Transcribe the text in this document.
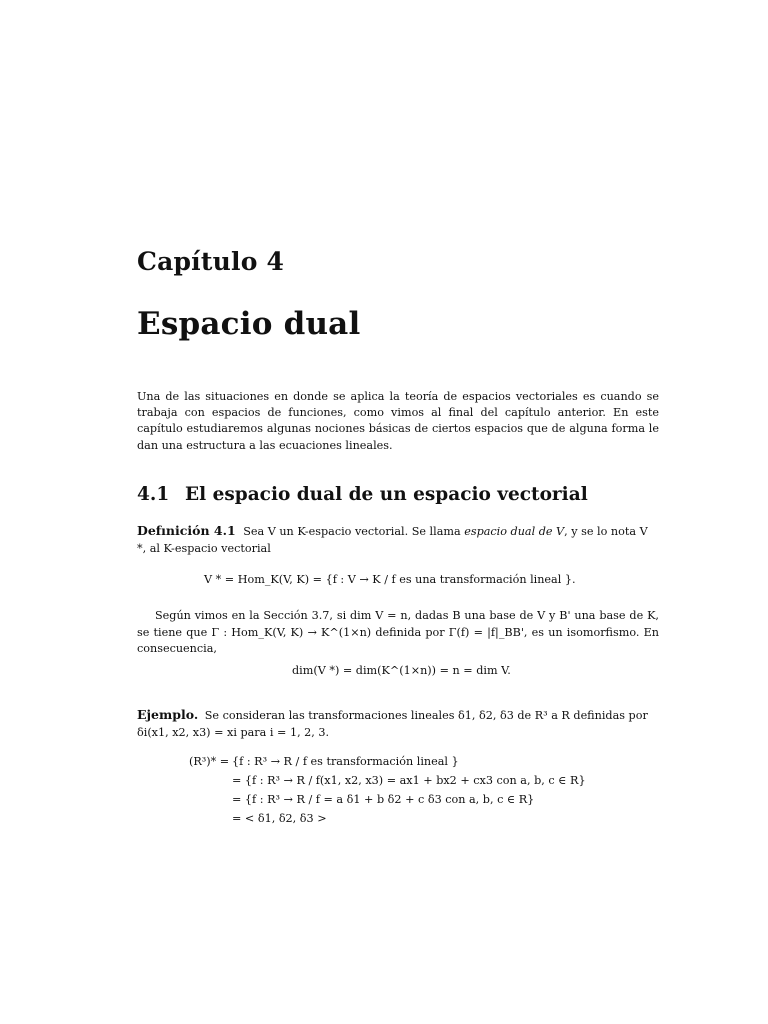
Capítulo 4
Espacio dual
Una de las situaciones en donde se aplica la teoría de espacios vectoriales es cuando se trabaja con espacios de funciones, como vimos al final del capítulo anterior. En este capítulo estudiaremos algunas nociones básicas de ciertos espacios que de alguna forma le dan una estructura a las ecuaciones lineales.
4.1 El espacio dual de un espacio vectorial
Defınición 4.1 Sea V un K-espacio vectorial. Se llama espacio dual de V, y se lo nota V *, al K-espacio vectorial
V * = Hom_K(V, K) = {f : V → K / f es una transformación lineal }.
Según vimos en la Sección 3.7, si dim V = n, dadas B una base de V y B' una base de K, se tiene que Γ : Hom_K(V, K) → K^(1×n) definida por Γ(f) = |f|_BB', es un isomorfismo. En consecuencia,
dim(V *) = dim(K^(1×n)) = n = dim V.
Ejemplo. Se consideran las transformaciones lineales δ1, δ2, δ3 de R³ a R definidas por δi(x1, x2, x3) = xi para i = 1, 2, 3.
(R³)* = {f : R³ → R / f es transformación lineal }
= {f : R³ → R / f(x1, x2, x3) = ax1 + bx2 + cx3 con a, b, c ∈ R}
= {f : R³ → R / f = a δ1 + b δ2 + c δ3 con a, b, c ∈ R}
= < δ1, δ2, δ3 >
